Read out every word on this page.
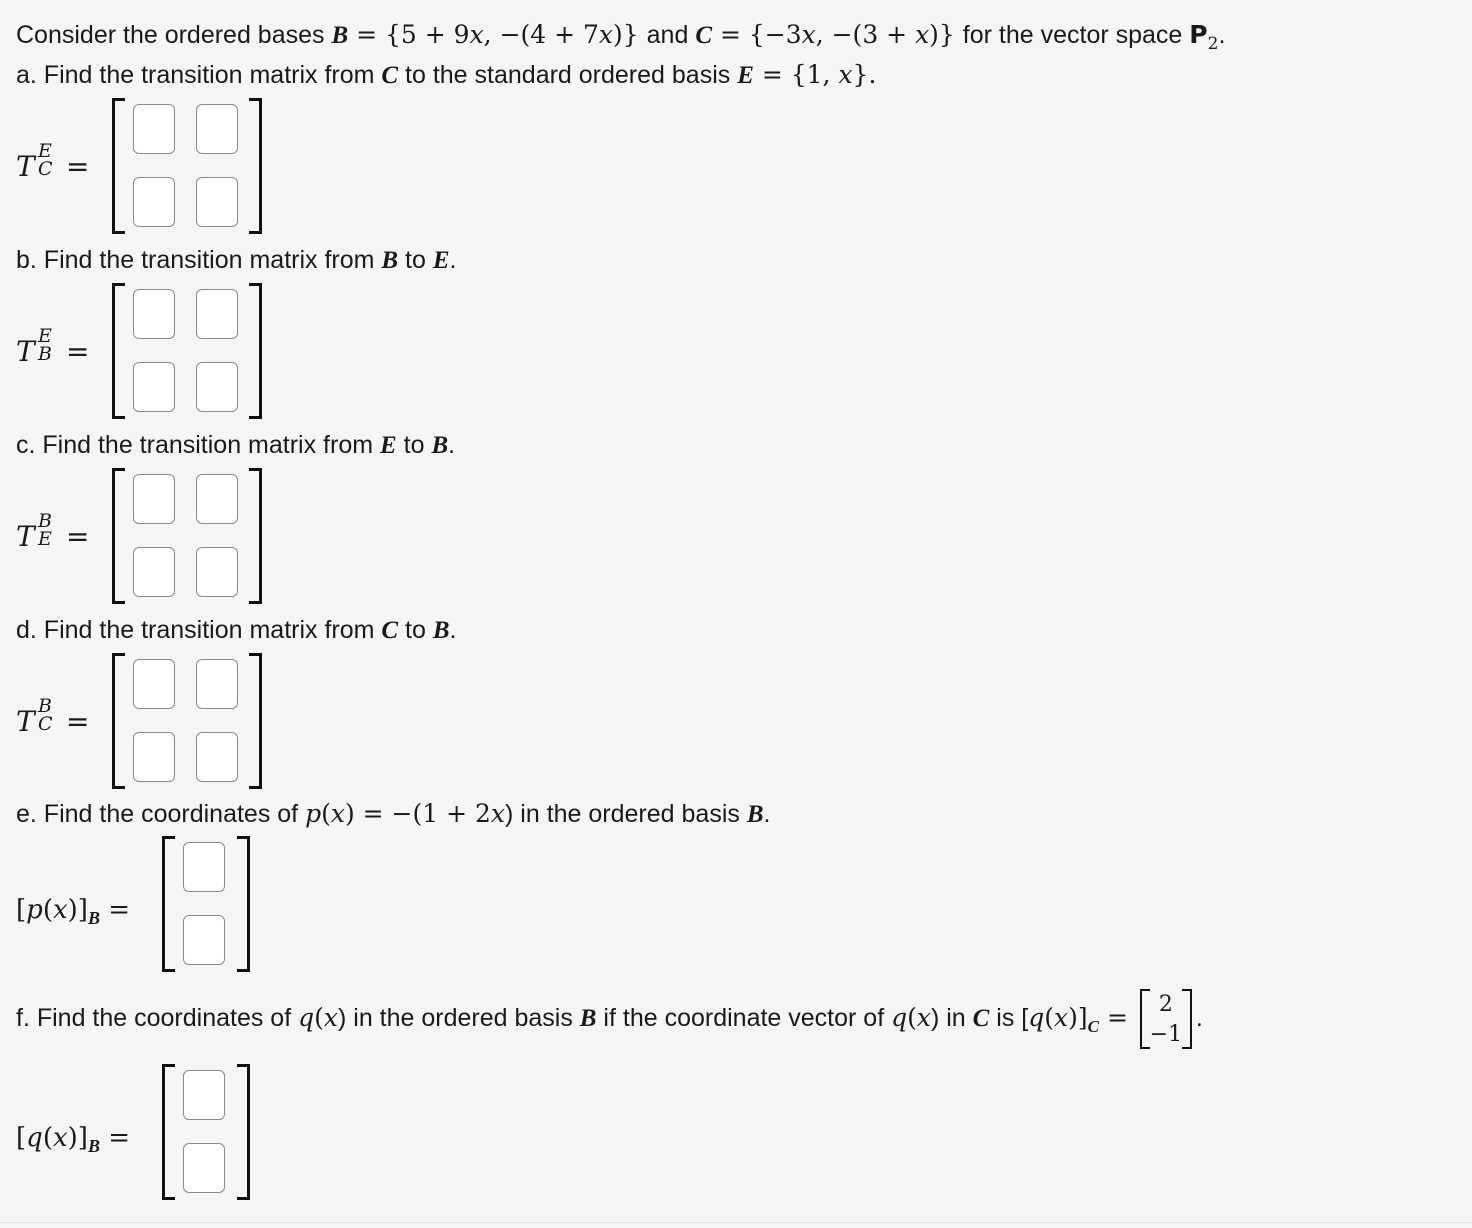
Consider the ordered bases B = {5 + 9x, −(4 + 7x)} and C = {−3x, −(3 + x)} for the vector space $P_2$.
a. Find the transition matrix from C to the standard ordered basis E = {1, x}.
T E
C =
b. Find the transition matrix from B to E.
T E
B =
c. Find the transition matrix from E to B.
T B
E =
d. Find the transition matrix from C to B.
T B
C =
e. Find the coordinates of p(x) = −(1 + 2x) in the ordered basis B.
$[p(x)]_B$ =
f. Find the coordinates of q(x) in the ordered basis B if the coordinate vector of q(x) in C is $[q(x)]_C$ =	2
−1
.
$[q(x)]_B$ =
